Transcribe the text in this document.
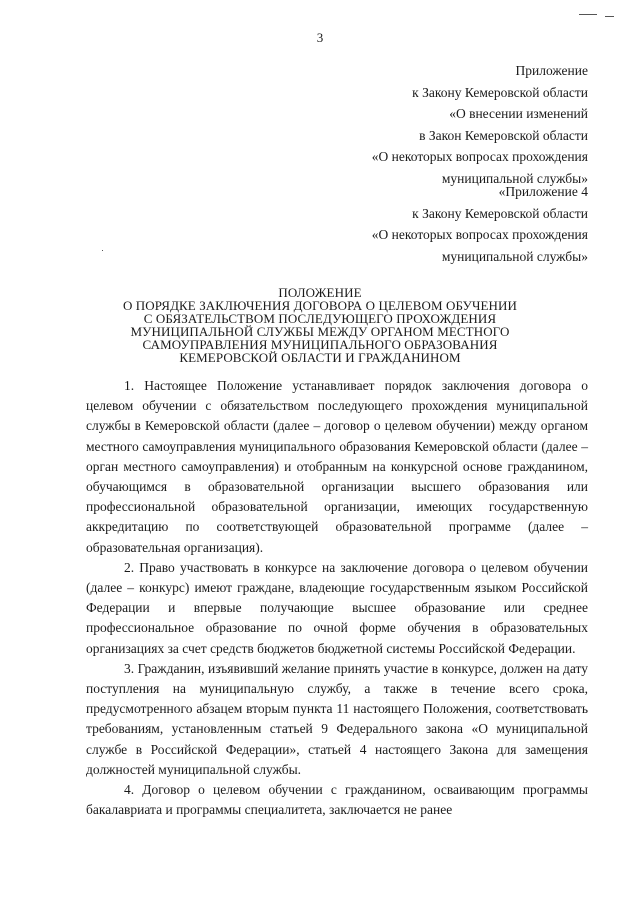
3
Приложение
к Закону Кемеровской области
«О внесении изменений
в Закон Кемеровской области
«О некоторых вопросах прохождения
муниципальной службы»
«Приложение 4
к Закону Кемеровской области
«О некоторых вопросах прохождения
муниципальной службы»
ПОЛОЖЕНИЕ
О ПОРЯДКЕ ЗАКЛЮЧЕНИЯ ДОГОВОРА О ЦЕЛЕВОМ ОБУЧЕНИИ
С ОБЯЗАТЕЛЬСТВОМ ПОСЛЕДУЮЩЕГО ПРОХОЖДЕНИЯ
МУНИЦИПАЛЬНОЙ СЛУЖБЫ МЕЖДУ ОРГАНОМ МЕСТНОГО
САМОУПРАВЛЕНИЯ МУНИЦИПАЛЬНОГО ОБРАЗОВАНИЯ
КЕМЕРОВСКОЙ ОБЛАСТИ И ГРАЖДАНИНОМ

1. Настоящее Положение устанавливает порядок заключения договора о целевом обучении с обязательством последующего прохождения муниципальной службы в Кемеровской области (далее – договор о целевом обучении) между органом местного самоуправления муниципального образования Кемеровской области (далее – орган местного самоуправления) и отобранным на конкурсной основе гражданином, обучающимся в образовательной организации высшего образования или профессиональной образовательной организации, имеющих государственную аккредитацию по соответствующей образовательной программе (далее – образовательная организация).

2. Право участвовать в конкурсе на заключение договора о целевом обучении (далее – конкурс) имеют граждане, владеющие государственным языком Российской Федерации и впервые получающие высшее образование или среднее профессиональное образование по очной форме обучения в образовательных организациях за счет средств бюджетов бюджетной системы Российской Федерации.

3. Гражданин, изъявивший желание принять участие в конкурсе, должен на дату поступления на муниципальную службу, а также в течение всего срока, предусмотренного абзацем вторым пункта 11 настоящего Положения, соответствовать требованиям, установленным статьей 9 Федерального закона «О муниципальной службе в Российской Федерации», статьей 4 настоящего Закона для замещения должностей муниципальной службы.

4. Договор о целевом обучении с гражданином, осваивающим программы бакалавриата и программы специалитета, заключается не ранее
